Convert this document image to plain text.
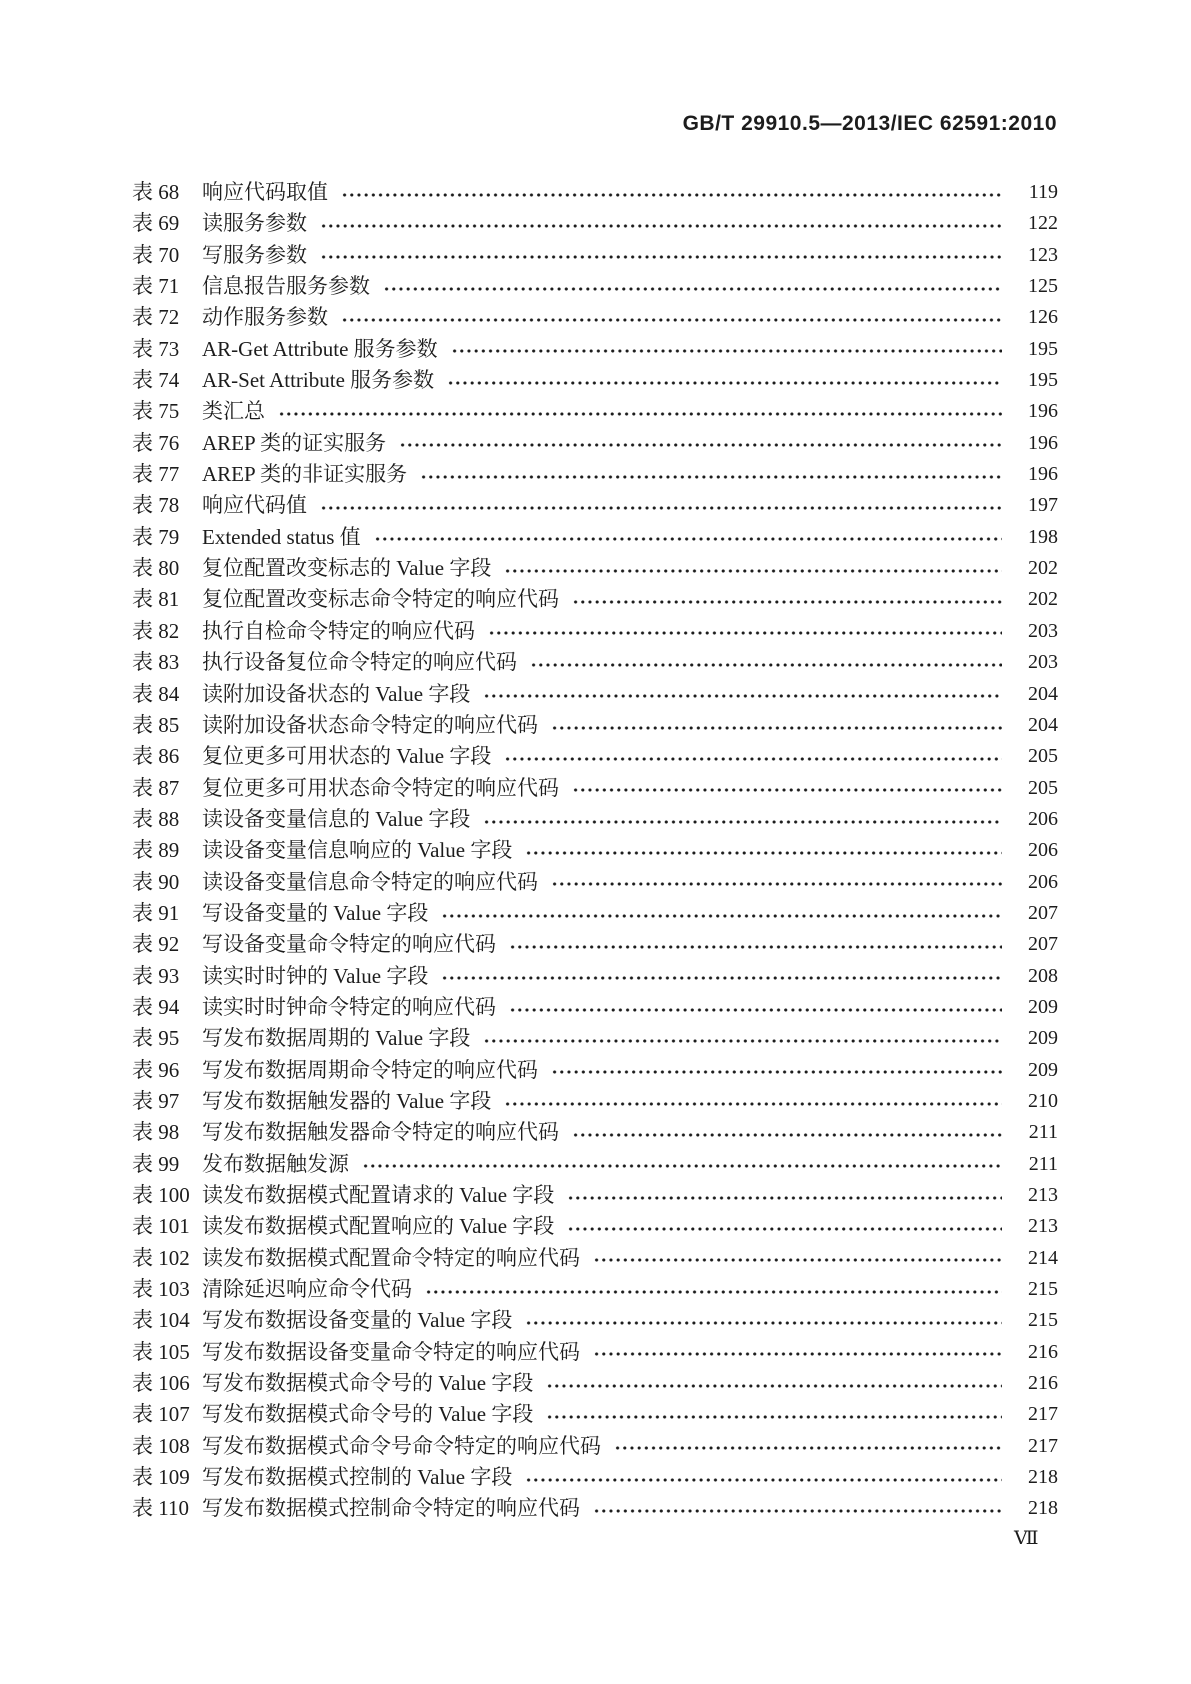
GB/T 29910.5—2013/IEC 62591:2010
表 68	响应代码取值	119
表 69	读服务参数	122
表 70	写服务参数	123
表 71	信息报告服务参数	125
表 72	动作服务参数	126
表 73	AR-Get Attribute 服务参数	195
表 74	AR-Set Attribute 服务参数	195
表 75	类汇总	196
表 76	AREP 类的证实服务	196
表 77	AREP 类的非证实服务	196
表 78	响应代码值	197
表 79	Extended status 值	198
表 80	复位配置改变标志的 Value 字段	202
表 81	复位配置改变标志命令特定的响应代码	202
表 82	执行自检命令特定的响应代码	203
表 83	执行设备复位命令特定的响应代码	203
表 84	读附加设备状态的 Value 字段	204
表 85	读附加设备状态命令特定的响应代码	204
表 86	复位更多可用状态的 Value 字段	205
表 87	复位更多可用状态命令特定的响应代码	205
表 88	读设备变量信息的 Value 字段	206
表 89	读设备变量信息响应的 Value 字段	206
表 90	读设备变量信息命令特定的响应代码	206
表 91	写设备变量的 Value 字段	207
表 92	写设备变量命令特定的响应代码	207
表 93	读实时时钟的 Value 字段	208
表 94	读实时时钟命令特定的响应代码	209
表 95	写发布数据周期的 Value 字段	209
表 96	写发布数据周期命令特定的响应代码	209
表 97	写发布数据触发器的 Value 字段	210
表 98	写发布数据触发器命令特定的响应代码	211
表 99	发布数据触发源	211
表 100 读发布数据模式配置请求的 Value 字段	213
表 101 读发布数据模式配置响应的 Value 字段	213
表 102 读发布数据模式配置命令特定的响应代码	214
表 103 清除延迟响应命令代码	215
表 104 写发布数据设备变量的 Value 字段	215
表 105 写发布数据设备变量命令特定的响应代码	216
表 106 写发布数据模式命令号的 Value 字段	216
表 107 写发布数据模式命令号的 Value 字段	217
表 108 写发布数据模式命令号命令特定的响应代码	217
表 109 写发布数据模式控制的 Value 字段	218
表 110 写发布数据模式控制命令特定的响应代码	218
Ⅶ
